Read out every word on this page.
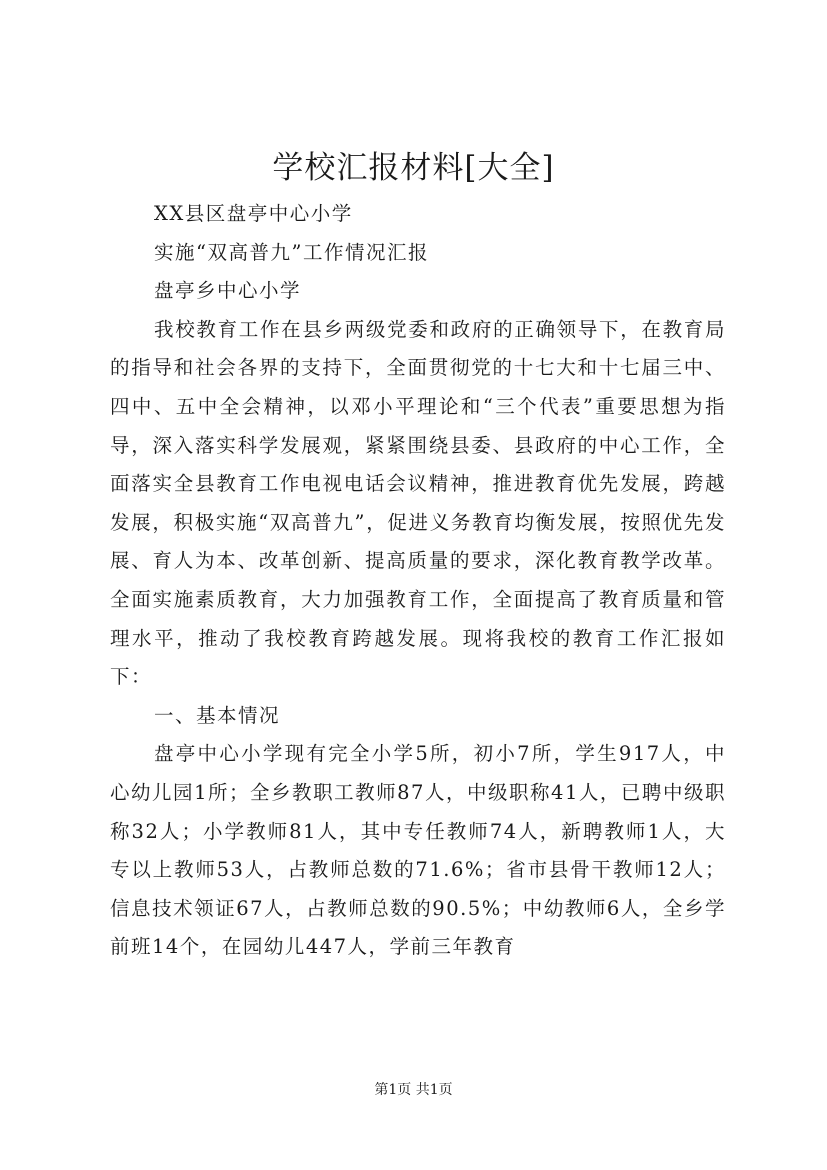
学校汇报材料[大全]

XX县区盘亭中心小学

实施“双高普九”工作情况汇报

盘亭乡中心小学

我校教育工作在县乡两级党委和政府的正确领导下，在教育局的指导和社会各界的支持下，全面贯彻党的十七大和十七届三中、四中、五中全会精神，以邓小平理论和“三个代表”重要思想为指导，深入落实科学发展观，紧紧围绕县委、县政府的中心工作，全面落实全县教育工作电视电话会议精神，推进教育优先发展，跨越发展，积极实施“双高普九”，促进义务教育均衡发展，按照优先发展、育人为本、改革创新、提高质量的要求，深化教育教学改革。全面实施素质教育，大力加强教育工作，全面提高了教育质量和管理水平，推动了我校教育跨越发展。现将我校的教育工作汇报如下：

一、基本情况

盘亭中心小学现有完全小学5所，初小7所，学生917人，中心幼儿园1所；全乡教职工教师87人，中级职称41人，已聘中级职称32人；小学教师81人，其中专任教师74人，新聘教师1人，大专以上教师53人，占教师总数的71.6%；省市县骨干教师12人；信息技术领证67人，占教师总数的90.5%；中幼教师6人，全乡学前班14个，在园幼儿447人，学前三年教育

第1页 共1页
